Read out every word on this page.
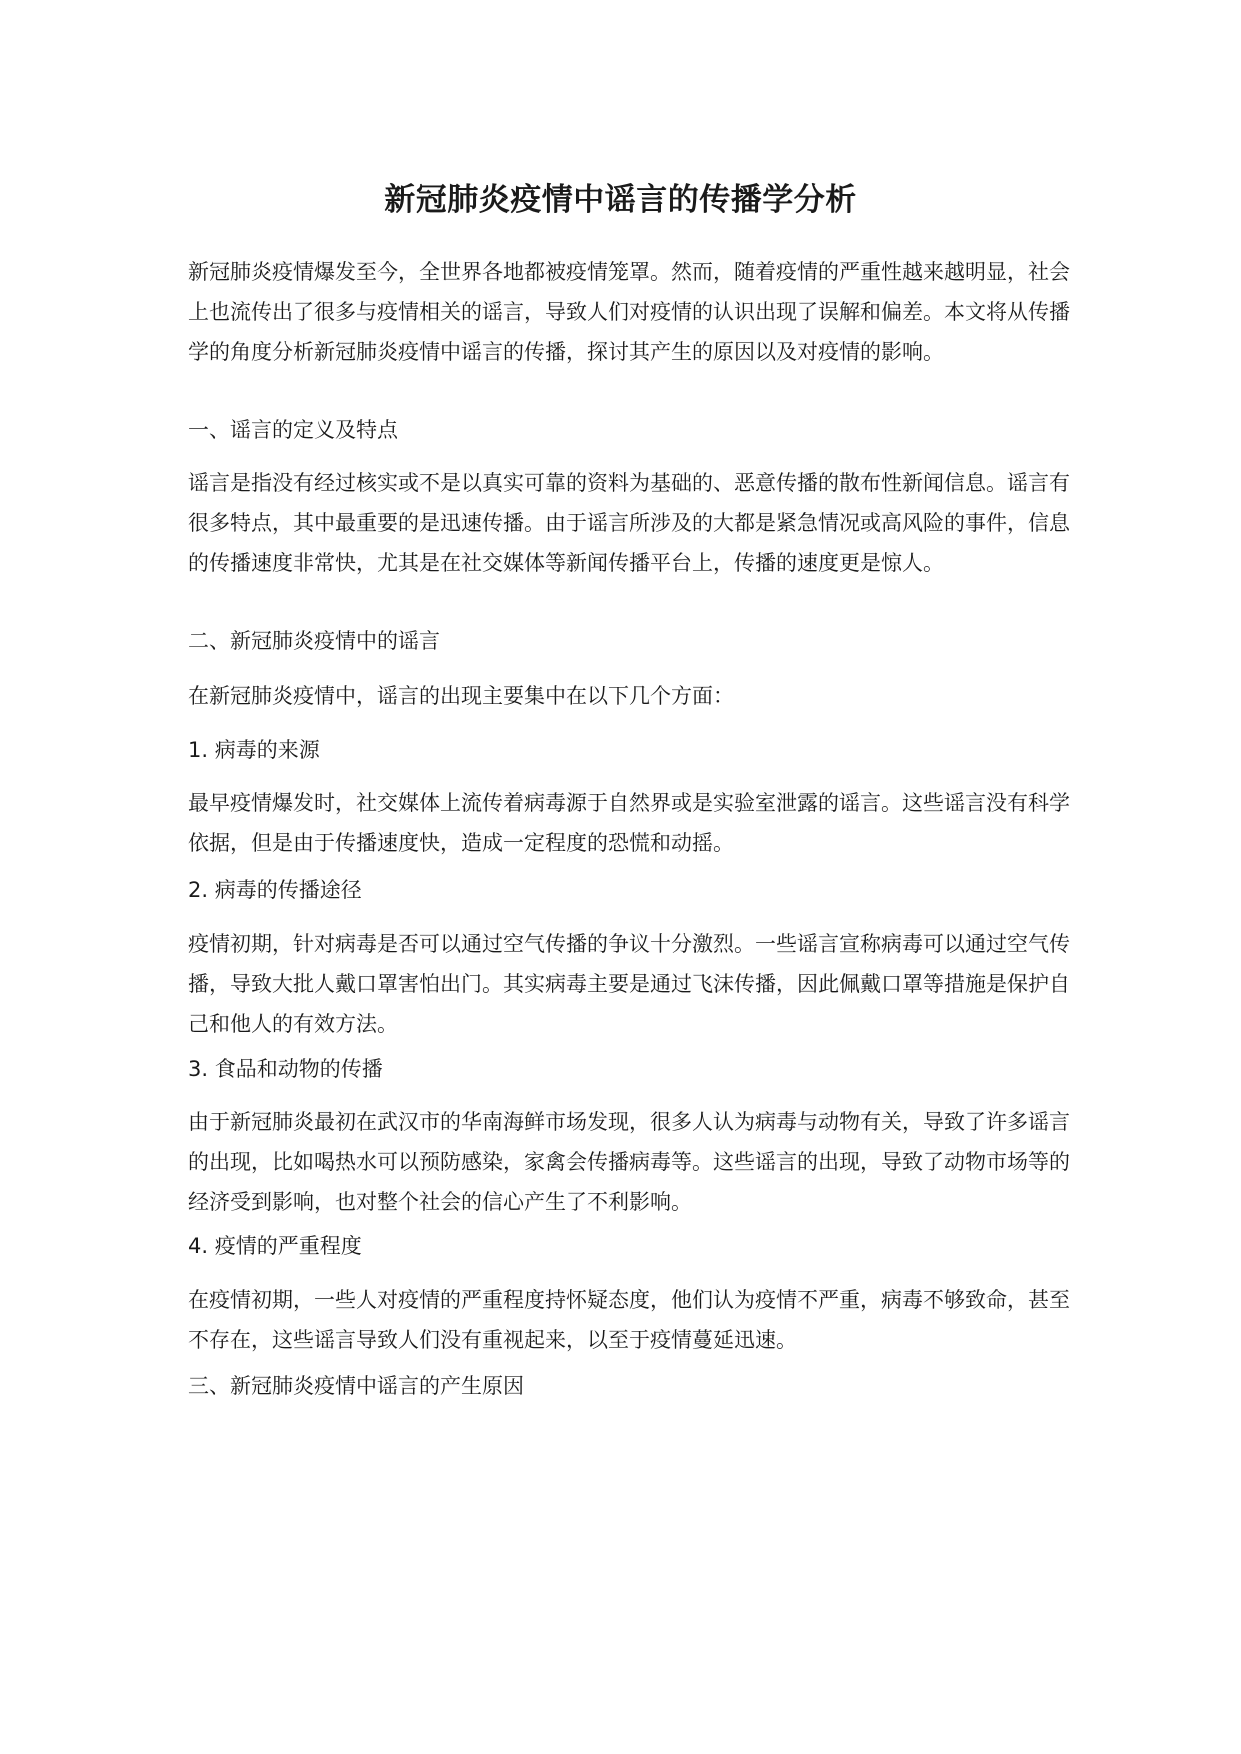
新冠肺炎疫情中谣言的传播学分析

新冠肺炎疫情爆发至今，全世界各地都被疫情笼罩。然而，随着疫情的严重性越来越明显，社会上也流传出了很多与疫情相关的谣言，导致人们对疫情的认识出现了误解和偏差。本文将从传播学的角度分析新冠肺炎疫情中谣言的传播，探讨其产生的原因以及对疫情的影响。

一、谣言的定义及特点

谣言是指没有经过核实或不是以真实可靠的资料为基础的、恶意传播的散布性新闻信息。谣言有很多特点，其中最重要的是迅速传播。由于谣言所涉及的大都是紧急情况或高风险的事件，信息的传播速度非常快，尤其是在社交媒体等新闻传播平台上，传播的速度更是惊人。

二、新冠肺炎疫情中的谣言

在新冠肺炎疫情中，谣言的出现主要集中在以下几个方面：

1. 病毒的来源

最早疫情爆发时，社交媒体上流传着病毒源于自然界或是实验室泄露的谣言。这些谣言没有科学依据，但是由于传播速度快，造成一定程度的恐慌和动摇。

2. 病毒的传播途径

疫情初期，针对病毒是否可以通过空气传播的争议十分激烈。一些谣言宣称病毒可以通过空气传播，导致大批人戴口罩害怕出门。其实病毒主要是通过飞沫传播，因此佩戴口罩等措施是保护自己和他人的有效方法。

3. 食品和动物的传播

由于新冠肺炎最初在武汉市的华南海鲜市场发现，很多人认为病毒与动物有关，导致了许多谣言的出现，比如喝热水可以预防感染，家禽会传播病毒等。这些谣言的出现，导致了动物市场等的经济受到影响，也对整个社会的信心产生了不利影响。

4. 疫情的严重程度

在疫情初期，一些人对疫情的严重程度持怀疑态度，他们认为疫情不严重，病毒不够致命，甚至不存在，这些谣言导致人们没有重视起来，以至于疫情蔓延迅速。

三、新冠肺炎疫情中谣言的产生原因
